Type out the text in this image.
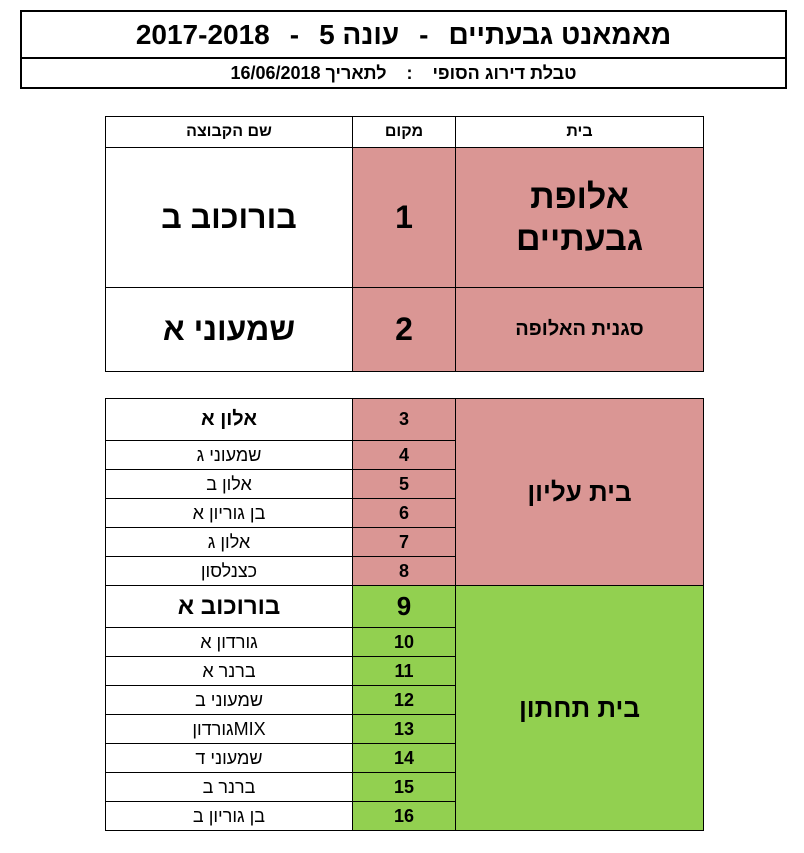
מאמאנט גבעתיים
-
עונה 5
-
2017-2018
טבלת דירוג הסופי
:
לתאריך 16/06/2018
שם הקבוצה	מקום	בית
בורוכוב ב	1	אלופת גבעתיים

שמעוני א	2	סגנית האלופה
אלון א	3	בית עליון
שמעוני ג	4	
אלון ב	5	
בן גוריון א	6	
אלון ג	7	
כצנלסון	8	
בורוכוב א	9	בית תחתון
גורדון א	10	
ברנר א	11	
שמעוני ב	12	
MIXגורדון	13	
שמעוני ד	14	
ברנר ב	15	
בן גוריון ב	16	
